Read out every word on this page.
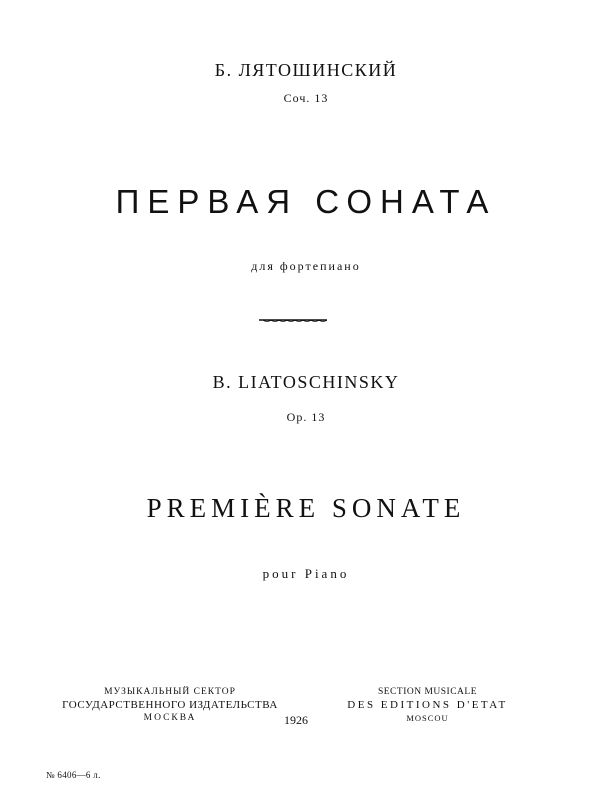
Б. ЛЯТОШИНСКИЙ
Соч. 13
ПЕРВАЯ СОНАТА
для фортепиано
B. LIATOSCHINSKY
Op. 13
PREMIÈRE SONATE
pour Piano
МУЗЫКАЛЬНЫЙ СЕКТОР
ГОСУДАРСТВЕННОГО ИЗДАТЕЛЬСТВА
МОСКВА	1926
SECTION MUSICALE
DES EDITIONS D'ETAT
MOSCOU
№ 6406—6 л.
